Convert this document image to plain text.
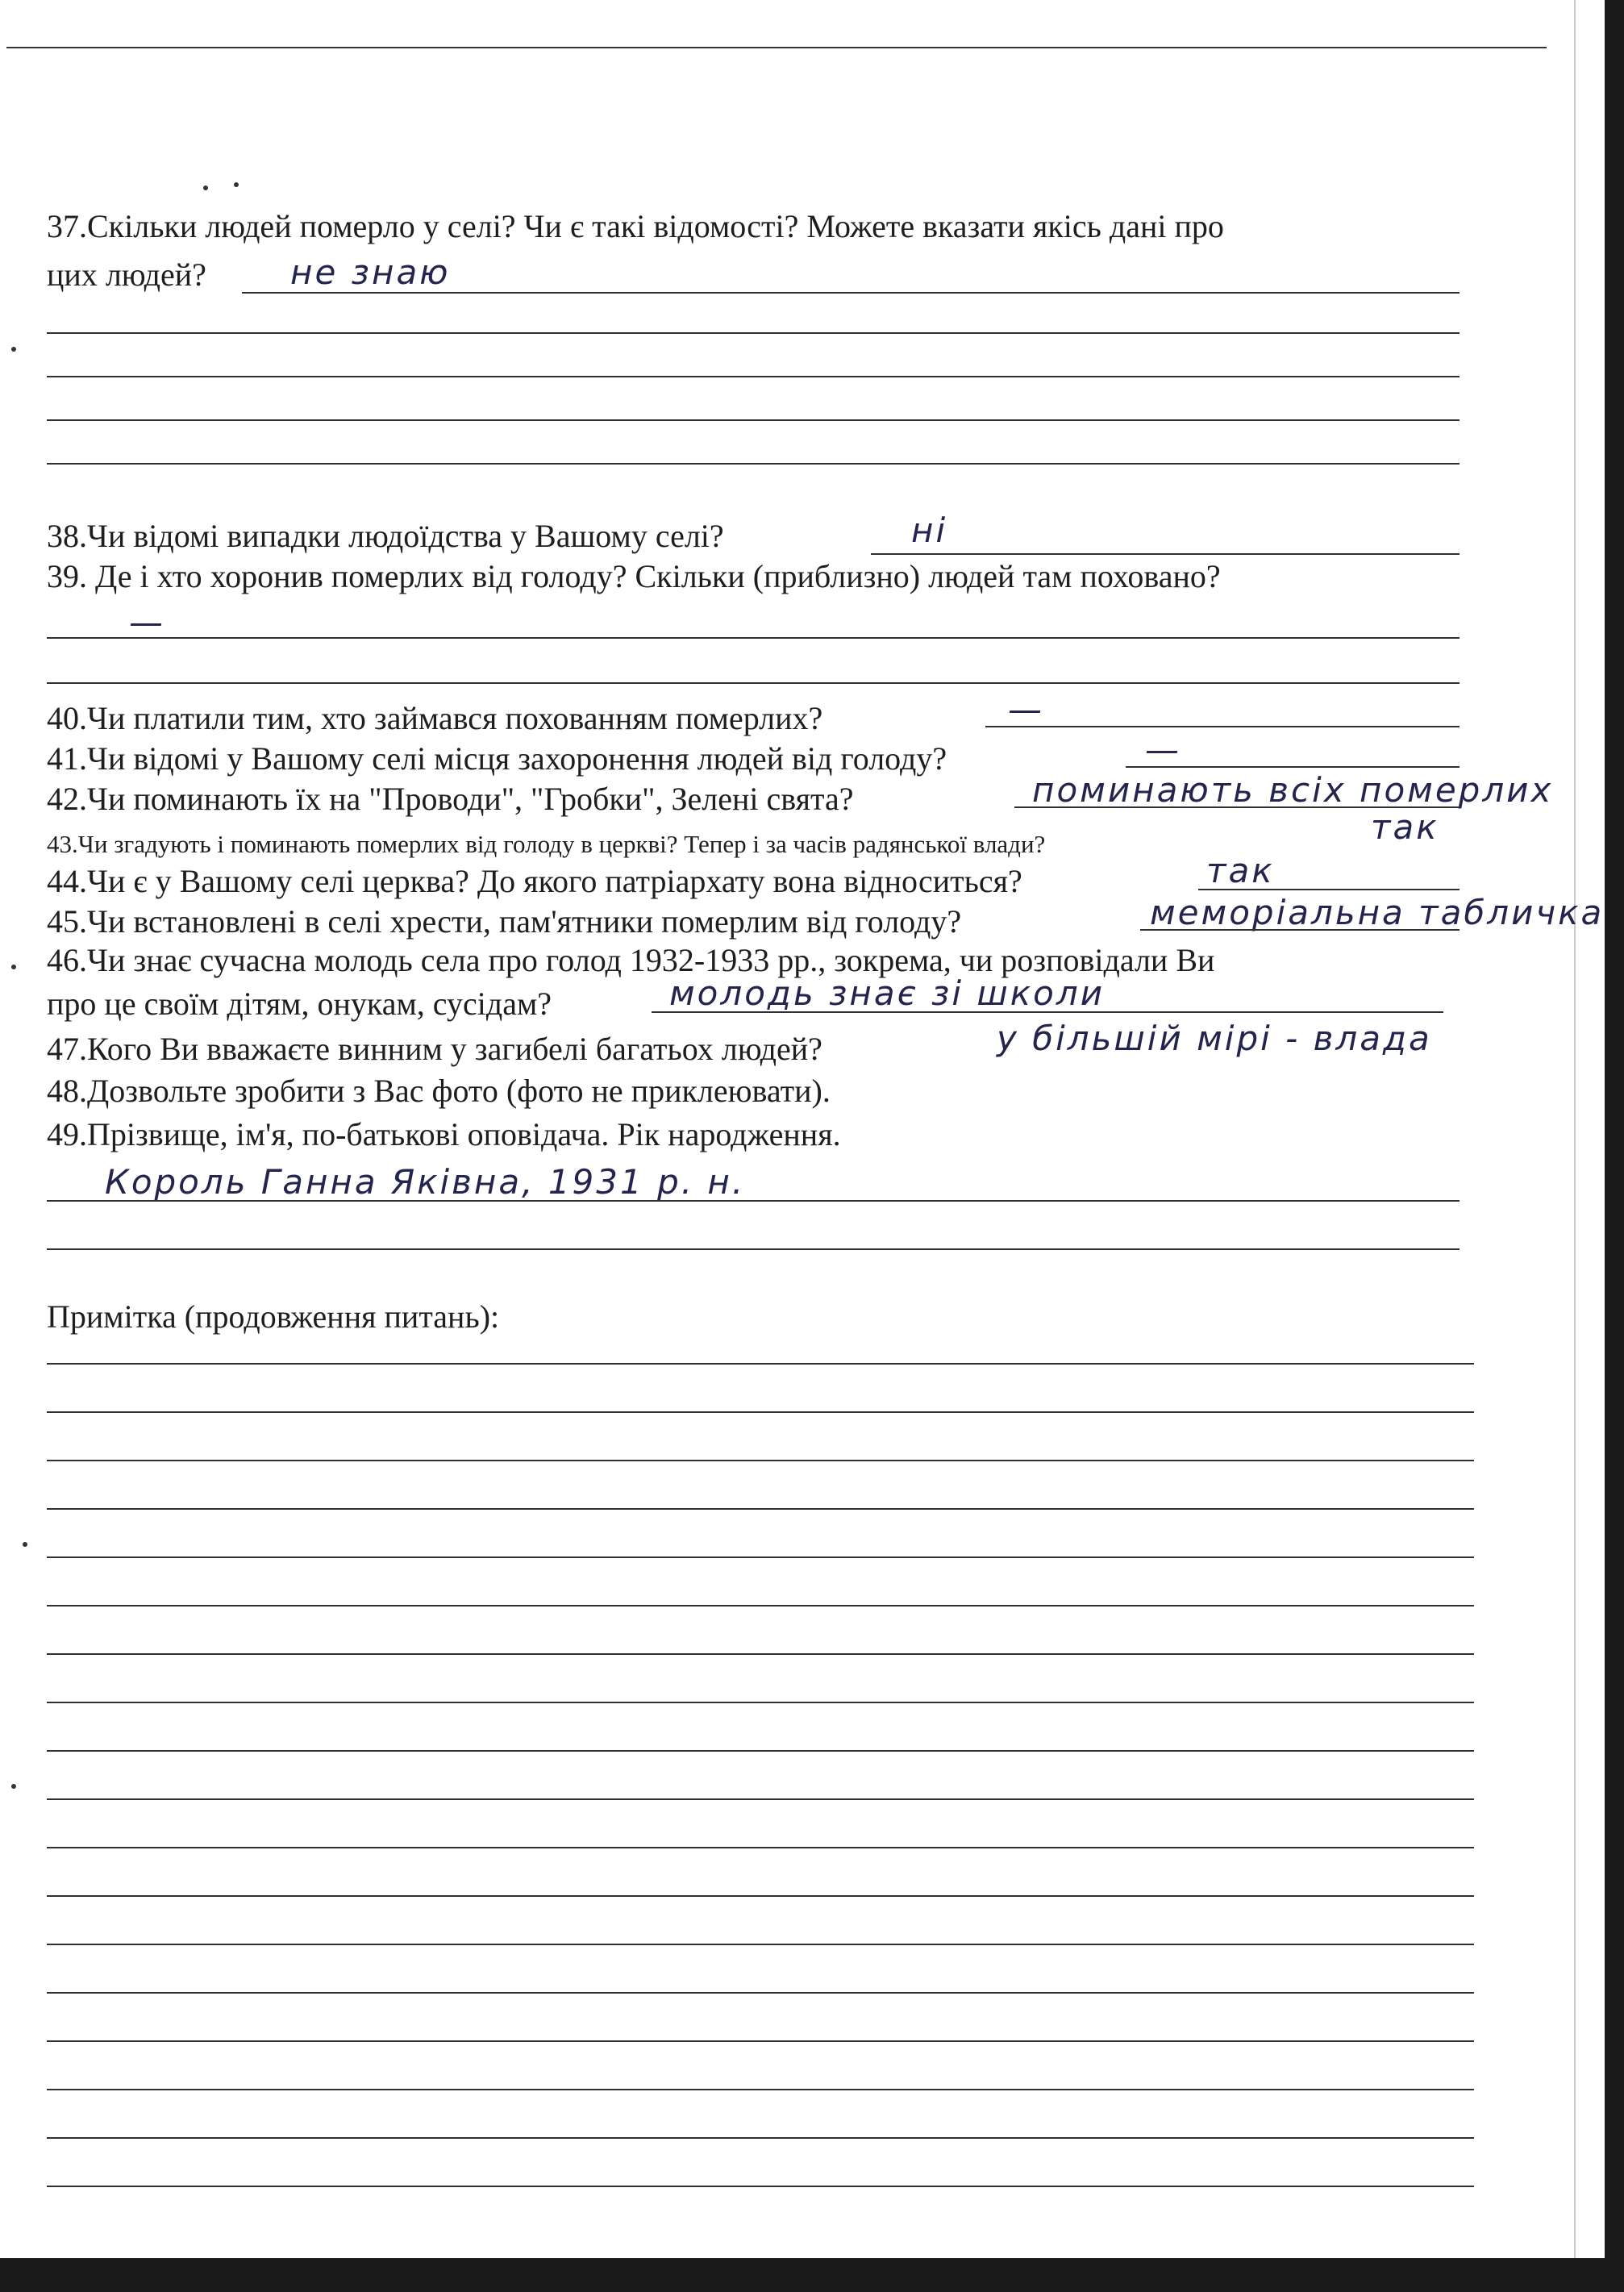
37.Скільки людей померло у селі? Чи є такі відомості? Можете вказати якісь дані про
цих людей? не знаю
38.Чи відомі випадки людоїдства у Вашому селі?	ні
39. Де і хто хоронив померлих від голоду? Скільки (приблизно) людей там поховано?
—
40.Чи платили тим, хто займався похованням померлих?	—
41.Чи відомі у Вашому селі місця захоронення людей від голоду?	—
42.Чи поминають їх на "Проводи", "Гробки", Зелені свята?	поминають всіх померлих
43.Чи згадують і поминають померлих від голоду в церкві? Тепер і за часів радянської влади?	так
44.Чи є у Вашому селі церква? До якого патріархату вона відноситься?	так
45.Чи встановлені в селі хрести, пам'ятники померлим від голоду?	меморіальна табличка
46.Чи знає сучасна молодь села про голод 1932-1933 рр., зокрема, чи розповідали Ви
про це своїм дітям, онукам, сусідам?	молодь знає зі школи
47.Кого Ви вважаєте винним у загибелі багатьох людей?	у більшій мірі - влада
48.Дозвольте зробити з Вас фото (фото не приклеювати).
49.Прізвище, ім'я, по-батькові оповідача. Рік народження.
Король Ганна Яківна, 1931 р. н.
Примітка (продовження питань):
